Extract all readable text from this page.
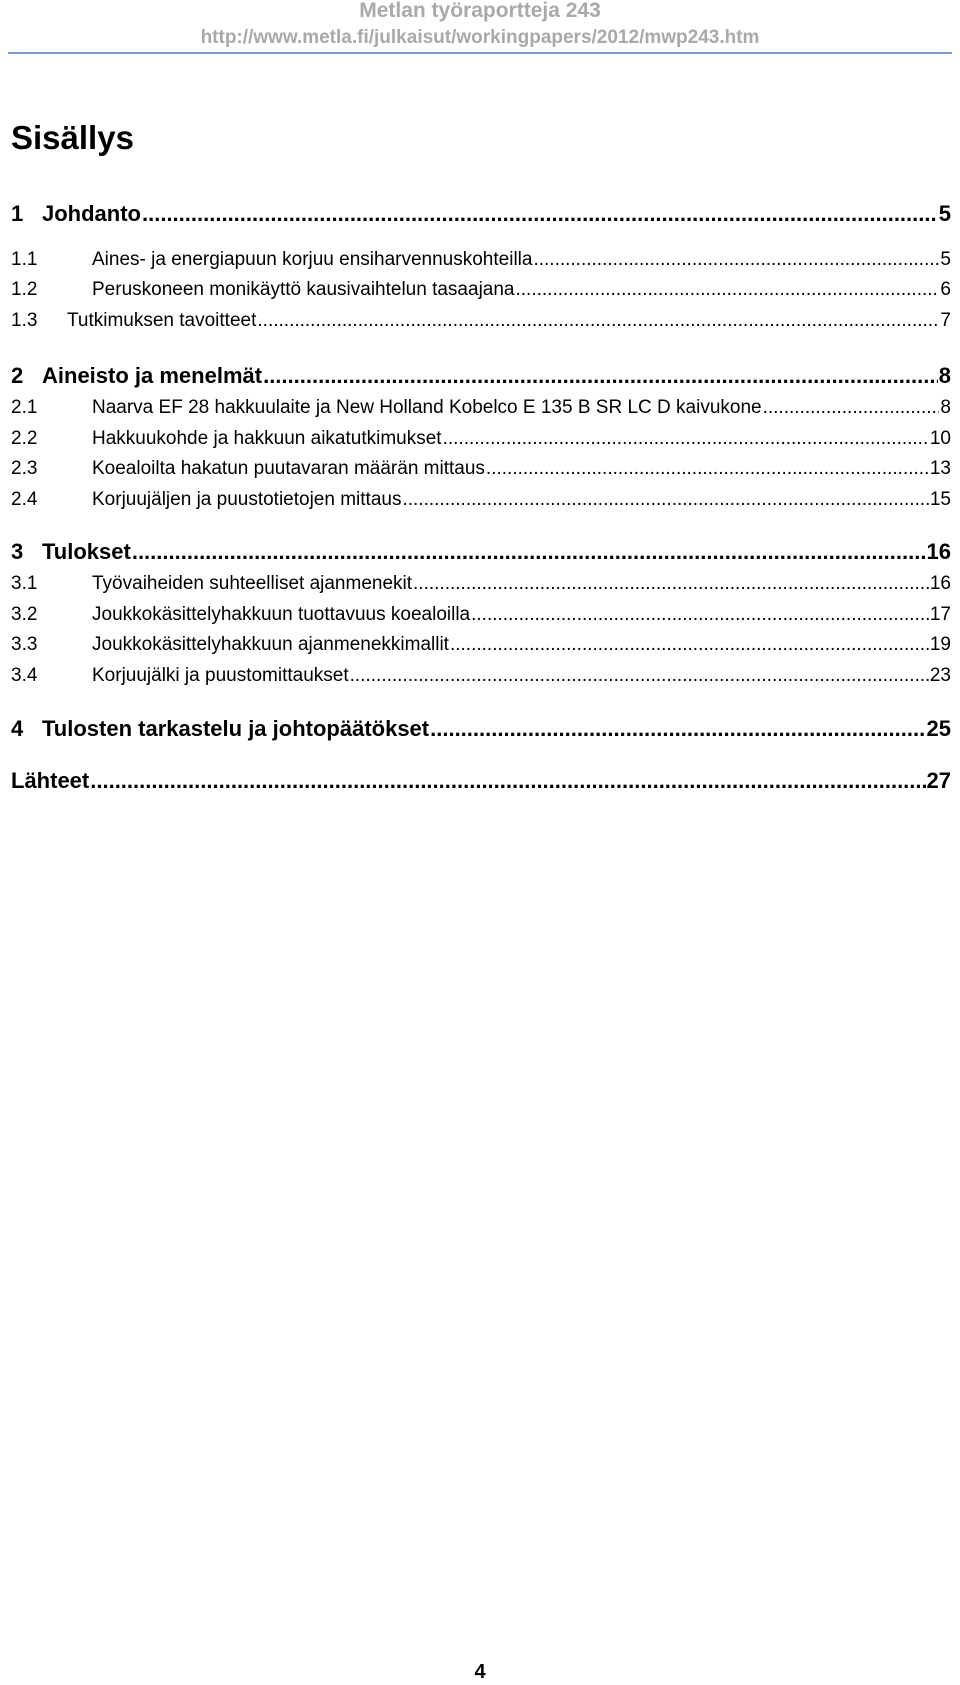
Metlan työraportteja 243
http://www.metla.fi/julkaisut/workingpapers/2012/mwp243.htm
Sisällys
1 Johdanto .....	5
1.1	Aines- ja energiapuun korjuu ensiharvennuskohteilla .....	5
1.2	Peruskoneen monikäyttö kausivaihtelun tasaajana .....	6
1.3	Tutkimuksen tavoitteet .....	7
2 Aineisto ja menelmät .....	8
2.1	Naarva EF 28 hakkuulaite ja New Holland Kobelco E 135 B SR LC D kaivukone .....	8
2.2	Hakkuukohde ja hakkuun aikatutkimukset .....	10
2.3	Koealoilta hakatun puutavaran määrän mittaus .....	13
2.4	Korjuujäljen ja puustotietojen mittaus .....	15
3 Tulokset .....	16
3.1	Työvaiheiden suhteelliset ajanmenekit .....	16
3.2	Joukkokäsittelyhakkuun tuottavuus koealoilla .....	17
3.3	Joukkokäsittelyhakkuun ajanmenekkimallit .....	19
3.4	Korjuujälki ja puustomittaukset .....	23
4 Tulosten tarkastelu ja johtopäätökset .....	25
Lähteet .....	27
4
